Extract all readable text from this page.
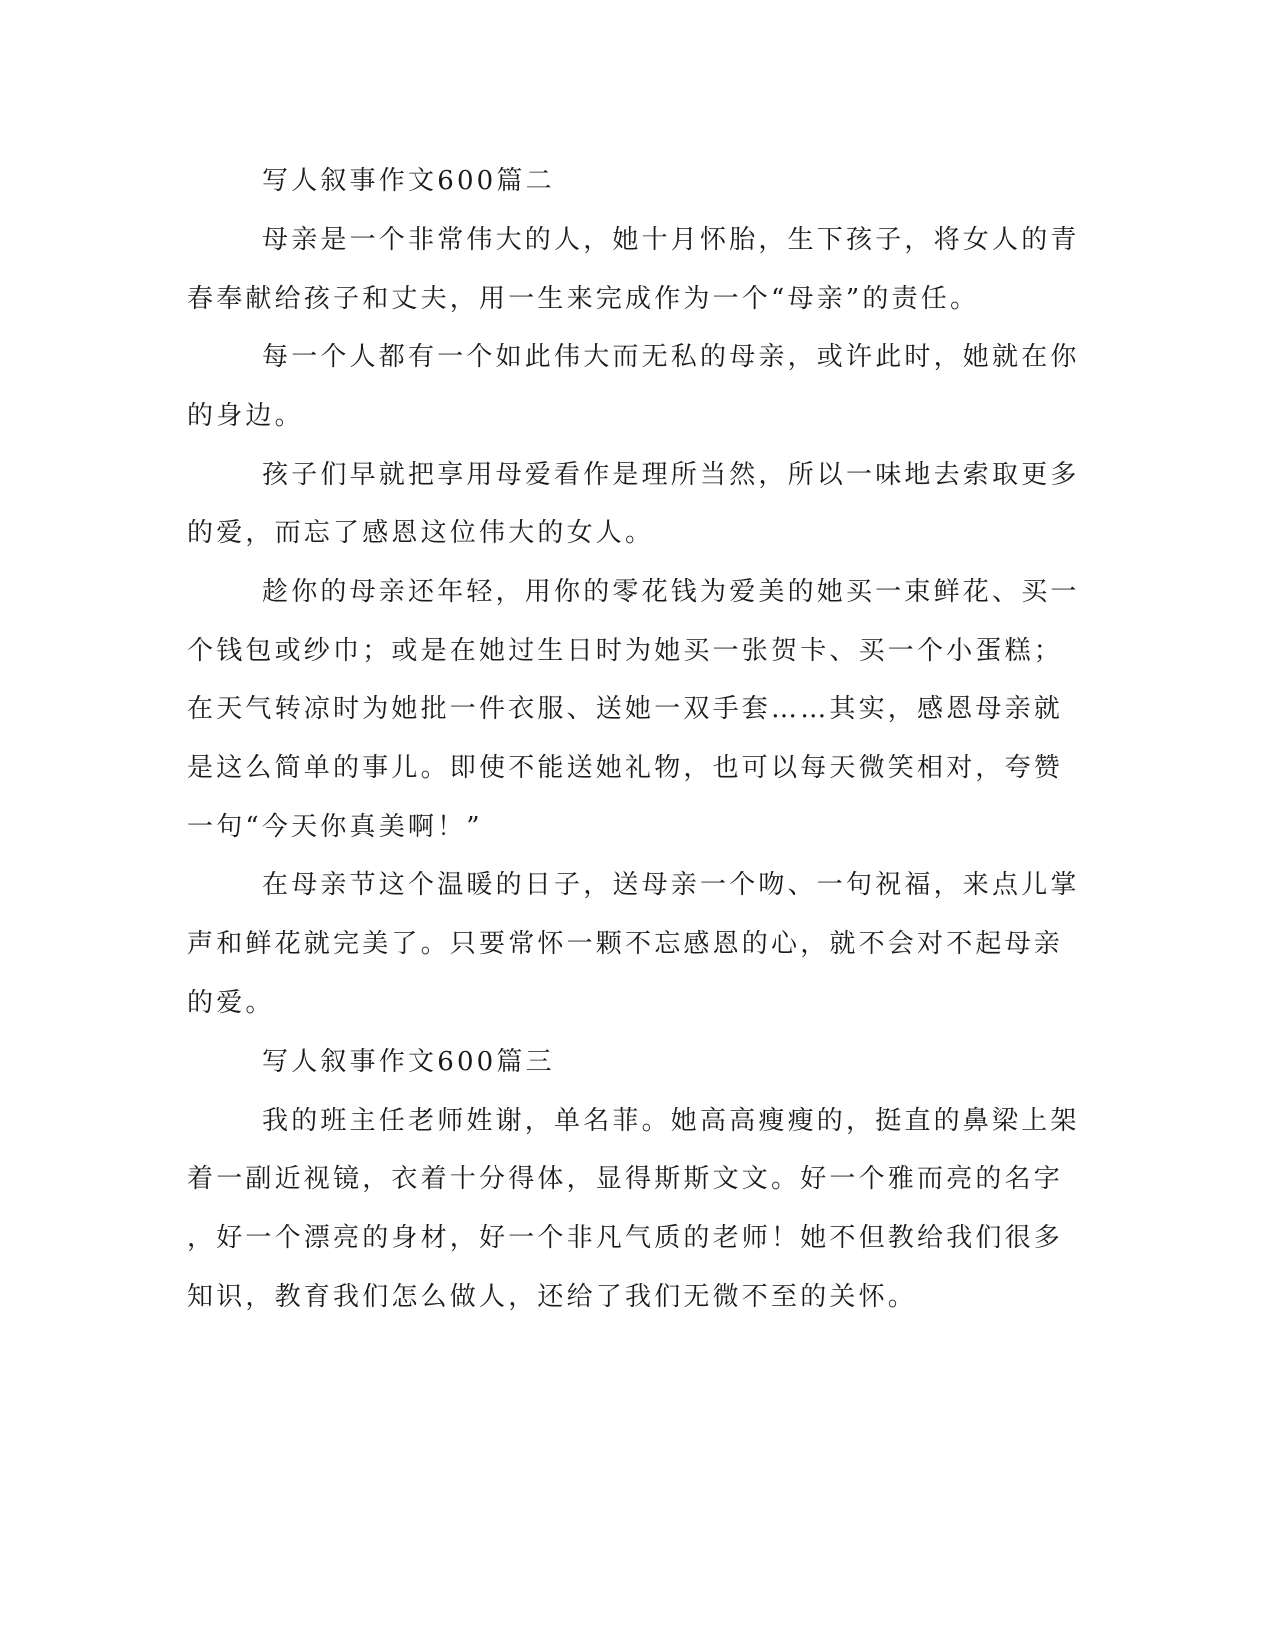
写人叙事作文600篇二
母亲是一个非常伟大的人，她十月怀胎，生下孩子，将女人的青
春奉献给孩子和丈夫，用一生来完成作为一个“母亲”的责任。
每一个人都有一个如此伟大而无私的母亲，或许此时，她就在你
的身边。
孩子们早就把享用母爱看作是理所当然，所以一味地去索取更多
的爱，而忘了感恩这位伟大的女人。
趁你的母亲还年轻，用你的零花钱为爱美的她买一束鲜花、买一
个钱包或纱巾；或是在她过生日时为她买一张贺卡、买一个小蛋糕；
在天气转凉时为她批一件衣服、送她一双手套……其实，感恩母亲就
是这么简单的事儿。即使不能送她礼物，也可以每天微笑相对，夸赞
一句“今天你真美啊！”
在母亲节这个温暖的日子，送母亲一个吻、一句祝福，来点儿掌
声和鲜花就完美了。只要常怀一颗不忘感恩的心，就不会对不起母亲
的爱。
写人叙事作文600篇三
我的班主任老师姓谢，单名菲。她高高瘦瘦的，挺直的鼻梁上架
着一副近视镜，衣着十分得体，显得斯斯文文。好一个雅而亮的名字
，好一个漂亮的身材，好一个非凡气质的老师！她不但教给我们很多
知识，教育我们怎么做人，还给了我们无微不至的关怀。
